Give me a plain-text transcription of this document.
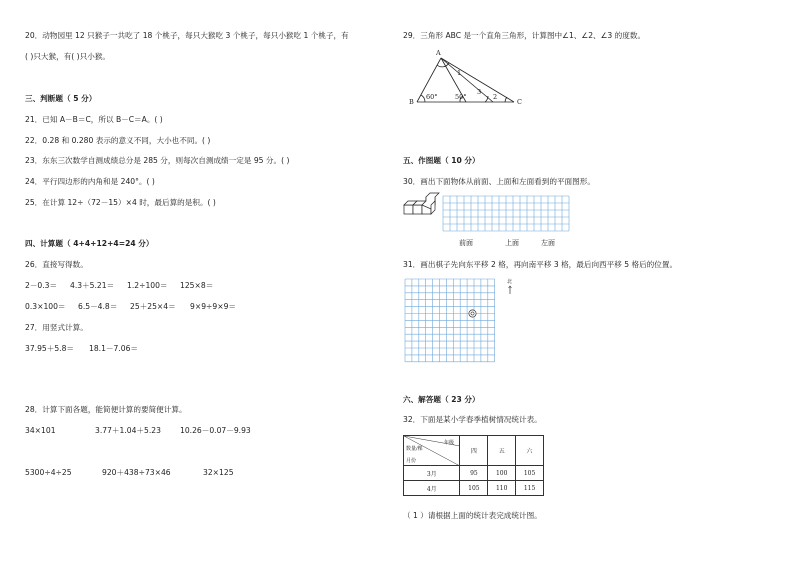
20．动物园里 12 只猴子一共吃了 18 个桃子，每只大猴吃 3 个桃子，每只小猴吃 1 个桃子，有
( )只大猴，有( )只小猴。
三、判断题（ 5 分）
21．已知 A－B＝C，所以 B－C＝A。( )
22．0.28 和 0.280 表示的意义不同，大小也不同。( )
23．东东三次数学自测成绩总分是 285 分，则每次自测成绩一定是 95 分。( )
24．平行四边形的内角和是 240°。( )
25．在计算 12÷（72－15）×4 时，最后算的是积。( )
四、计算题（ 4+4+12+4=24 分）
26．直接写得数。
2－0.3＝ 4.3＋5.21＝ 1.2÷100＝ 125×8＝
0.3×100＝ 6.5－4.8＝ 25＋25×4＝ 9×9÷9×9＝
27．用竖式计算。
37.95＋5.8＝ 18.1－7.06＝
28．计算下面各题，能简便计算的要简便计算。
34×101	3.77＋1.04＋5.23	10.26－0.07－9.93
5300÷4÷25	920＋438÷73×46	32×125
29．三角形 ABC 是一个直角三角形，计算图中∠1、∠2、∠3 的度数。
A
B	C
60°	50°
1
2
3
五、作图题（ 10 分）
30．画出下面物体从前面、上面和左面看到的平面图形。
前面	上面	左面
31．画出棋子先向东平移 2 格，再向南平移 3 格，最后向西平移 5 格后的位置。
北
六、解答题（ 23 分）
32．下面是某小学春季植树情况统计表。
年级
数量/棵
月份	四	五	六
3月	95	100	105
4月	105	110	115
（ 1 ）请根据上面的统计表完成统计图。
